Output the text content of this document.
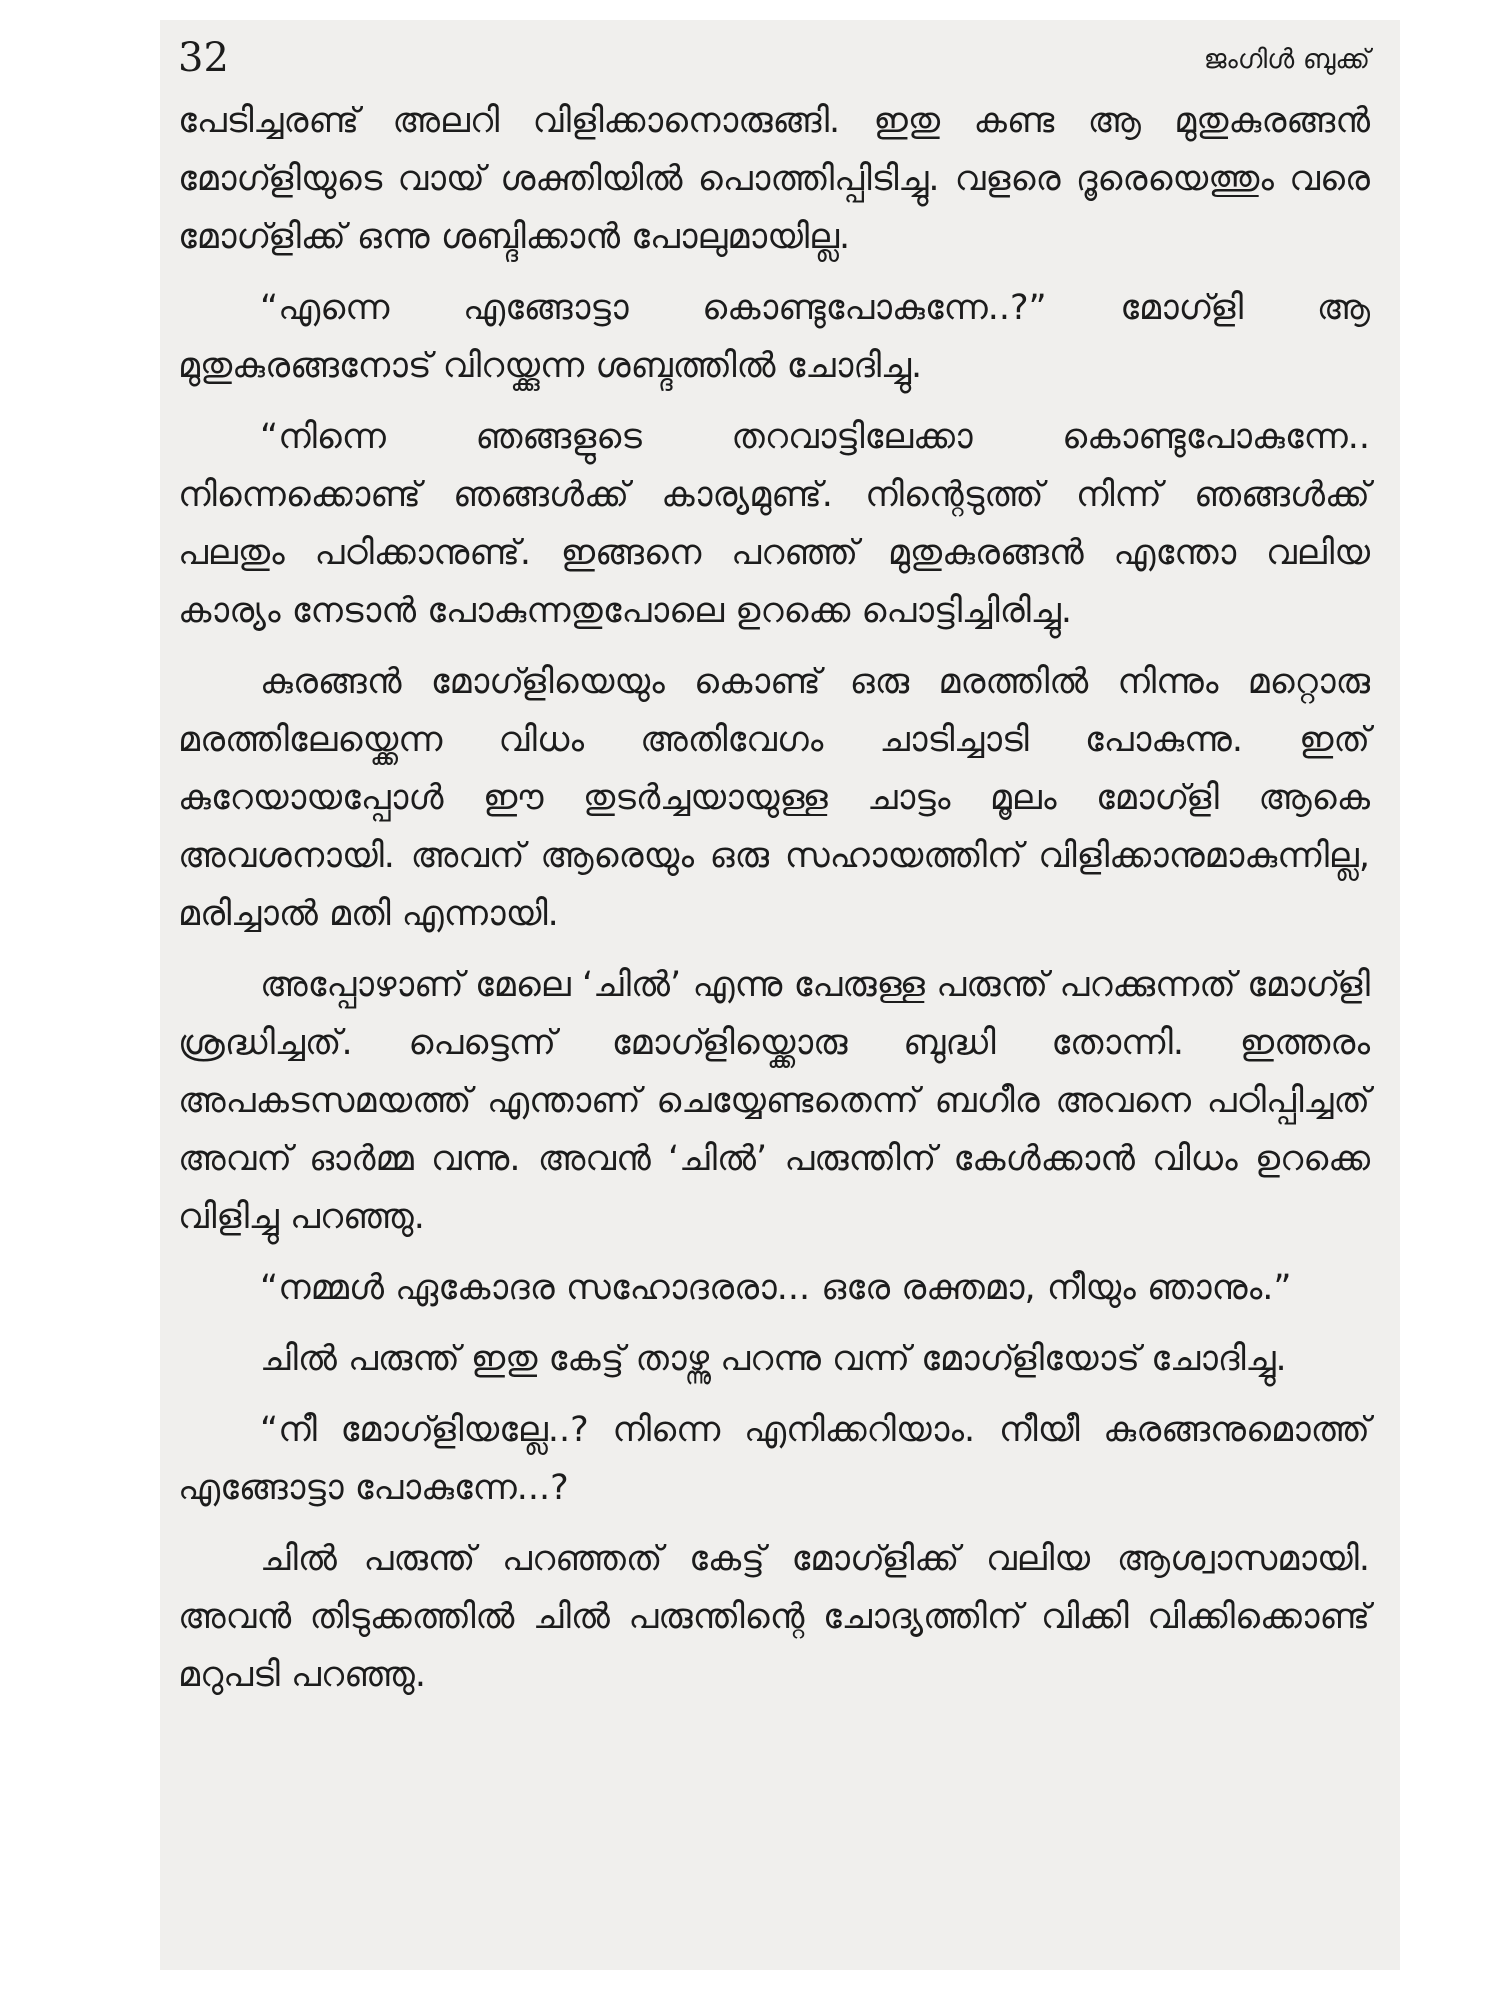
32	ജംഗിൾ ബുക്ക്

പേടിച്ചരണ്ട് അലറി വിളിക്കാനൊരുങ്ങി. ഇതു കണ്ട ആ മുതുകുരങ്ങൻ മോഗ്ളിയുടെ വായ് ശക്തിയിൽ പൊത്തിപ്പിടിച്ചു. വളരെ ദൂരെയെത്തും വരെ മോഗ്ളിക്ക് ഒന്നു ശബ്ദിക്കാൻ പോലുമായില്ല.

“എന്നെ എങ്ങോട്ടാ കൊണ്ടുപോകുന്നേ..?” മോഗ്ളി ആ മുതുകുരങ്ങനോട് വിറയ്ക്കുന്ന ശബ്ദത്തിൽ ചോദിച്ചു.

“നിന്നെ ഞങ്ങളുടെ തറവാട്ടിലേക്കാ കൊണ്ടുപോകുന്നേ.. നിന്നെക്കൊണ്ട് ഞങ്ങൾക്ക് കാര്യമുണ്ട്. നിന്റെടുത്ത് നിന്ന് ഞങ്ങൾക്ക് പലതും പഠിക്കാനുണ്ട്. ഇങ്ങനെ പറഞ്ഞ് മുതുകുരങ്ങൻ എന്തോ വലിയ കാര്യം നേടാൻ പോകുന്നതുപോലെ ഉറക്കെ പൊട്ടിച്ചിരിച്ചു.

കുരങ്ങൻ മോഗ്ളിയെയും കൊണ്ട് ഒരു മരത്തിൽ നിന്നും മറ്റൊരു മരത്തിലേയ്ക്കെന്ന വിധം അതിവേഗം ചാടിച്ചാടി പോകുന്നു. ഇത് കുറേയായപ്പോൾ ഈ തുടർച്ചയായുള്ള ചാട്ടം മൂലം മോഗ്ളി ആകെ അവശനായി. അവന് ആരെയും ഒരു സഹായത്തിന് വിളിക്കാനുമാകുന്നില്ല, മരിച്ചാൽ മതി എന്നായി.

അപ്പോഴാണ് മേലെ ‘ചിൽ’ എന്നു പേരുള്ള പരുന്ത് പറക്കുന്നത് മോഗ്ളി ശ്രദ്ധിച്ചത്. പെട്ടെന്ന് മോഗ്ളിയ്ക്കൊരു ബുദ്ധി തോന്നി. ഇത്തരം അപകടസമയത്ത് എന്താണ് ചെയ്യേണ്ടതെന്ന് ബഗീര അവനെ പഠിപ്പിച്ചത് അവന് ഓർമ്മ വന്നു. അവൻ ‘ചിൽ’ പരുന്തിന് കേൾക്കാൻ വിധം ഉറക്കെ വിളിച്ചു പറഞ്ഞു.

“നമ്മൾ ഏകോദര സഹോദരരാ... ഒരേ രക്തമാ, നീയും ഞാനും.”

ചിൽ പരുന്ത് ഇതു കേട്ട് താഴ്ന്നു പറന്നു വന്ന് മോഗ്ളിയോട് ചോദിച്ചു.

“നീ മോഗ്ളിയല്ലേ..? നിന്നെ എനിക്കറിയാം. നീയീ കുരങ്ങനുമൊത്ത് എങ്ങോട്ടാ പോകുന്നേ...?

ചിൽ പരുന്ത് പറഞ്ഞത് കേട്ട് മോഗ്ളിക്ക് വലിയ ആശ്വാസമായി. അവൻ തിടുക്കത്തിൽ ചിൽ പരുന്തിന്റെ ചോദ്യത്തിന് വിക്കി വിക്കിക്കൊണ്ട് മറുപടി പറഞ്ഞു.
